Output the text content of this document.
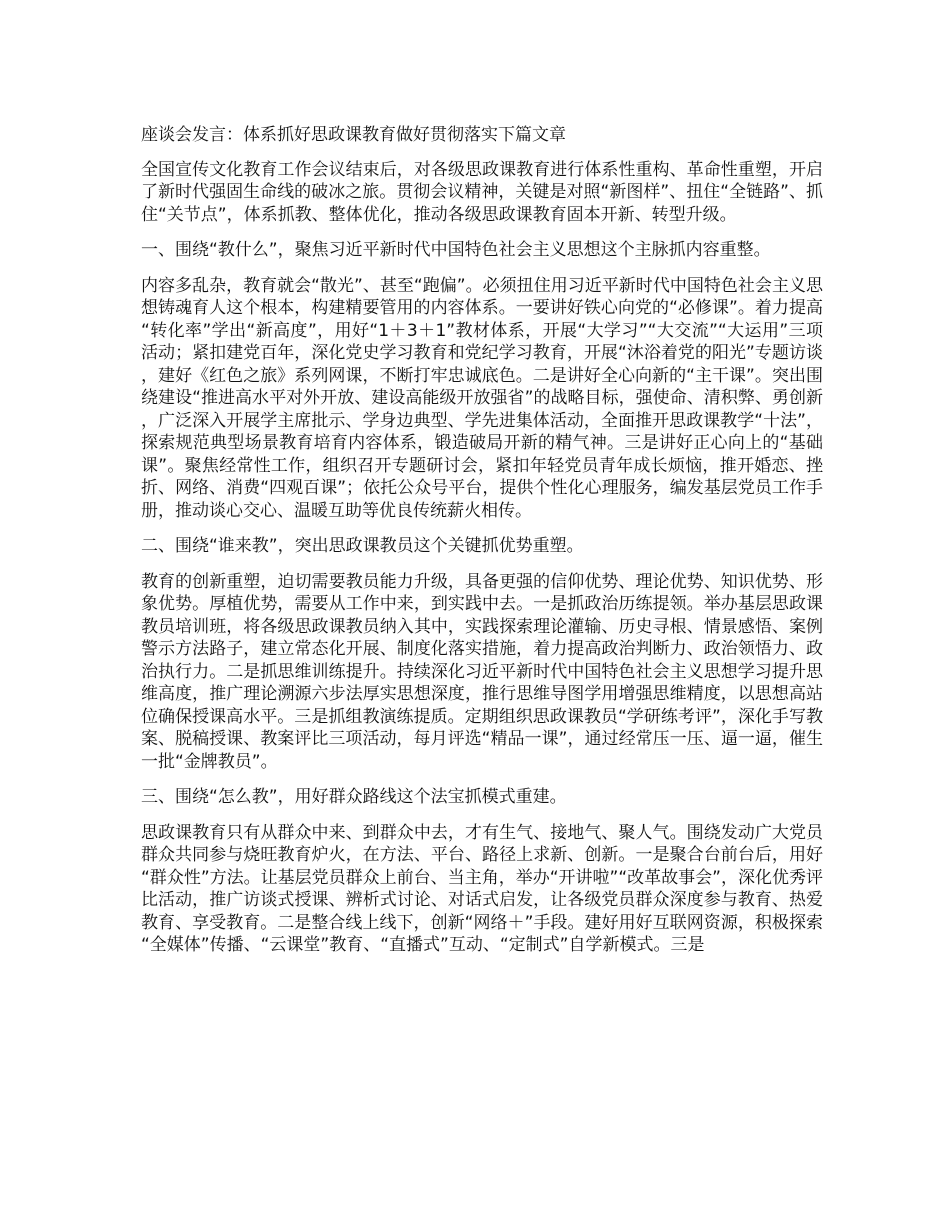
座谈会发言：体系抓好思政课教育做好贯彻落实下篇文章

全国宣传文化教育工作会议结束后，对各级思政课教育进行体系性重构、革命性重塑，开启了新时代强固生命线的破冰之旅。贯彻会议精神，关键是对照“新图样”、扭住“全链路”、抓住“关节点”，体系抓教、整体优化，推动各级思政课教育固本开新、转型升级。

一、围绕“教什么”，聚焦习近平新时代中国特色社会主义思想这个主脉抓内容重整。

内容多乱杂，教育就会“散光”、甚至“跑偏”。必须扭住用习近平新时代中国特色社会主义思想铸魂育人这个根本，构建精要管用的内容体系。一要讲好铁心向党的“必修课”。着力提高“转化率”学出“新高度”，用好“1＋3＋1”教材体系，开展“大学习”“大交流”“大运用”三项活动；紧扣建党百年，深化党史学习教育和党纪学习教育，开展“沐浴着党的阳光”专题访谈，建好《红色之旅》系列网课，不断打牢忠诚底色。二是讲好全心向新的“主干课”。突出围绕建设“推进高水平对外开放、建设高能级开放强省”的战略目标，强使命、清积弊、勇创新，广泛深入开展学主席批示、学身边典型、学先进集体活动，全面推开思政课教学“十法”，探索规范典型场景教育培育内容体系，锻造破局开新的精气神。三是讲好正心向上的“基础课”。聚焦经常性工作，组织召开专题研讨会，紧扣年轻党员青年成长烦恼，推开婚恋、挫折、网络、消费“四观百课”；依托公众号平台，提供个性化心理服务，编发基层党员工作手册，推动谈心交心、温暖互助等优良传统薪火相传。

二、围绕“谁来教”，突出思政课教员这个关键抓优势重塑。

教育的创新重塑，迫切需要教员能力升级，具备更强的信仰优势、理论优势、知识优势、形象优势。厚植优势，需要从工作中来，到实践中去。一是抓政治历练提领。举办基层思政课教员培训班，将各级思政课教员纳入其中，实践探索理论灌输、历史寻根、情景感悟、案例警示方法路子，建立常态化开展、制度化落实措施，着力提高政治判断力、政治领悟力、政治执行力。二是抓思维训练提升。持续深化习近平新时代中国特色社会主义思想学习提升思维高度，推广理论溯源六步法厚实思想深度，推行思维导图学用增强思维精度，以思想高站位确保授课高水平。三是抓组教演练提质。定期组织思政课教员“学研练考评”，深化手写教案、脱稿授课、教案评比三项活动，每月评选“精品一课”，通过经常压一压、逼一逼，催生一批“金牌教员”。

三、围绕“怎么教”，用好群众路线这个法宝抓模式重建。

思政课教育只有从群众中来、到群众中去，才有生气、接地气、聚人气。围绕发动广大党员群众共同参与烧旺教育炉火，在方法、平台、路径上求新、创新。一是聚合台前台后，用好“群众性”方法。让基层党员群众上前台、当主角，举办“开讲啦”“改革故事会”，深化优秀评比活动，推广访谈式授课、辨析式讨论、对话式启发，让各级党员群众深度参与教育、热爱教育、享受教育。二是整合线上线下，创新“网络＋”手段。建好用好互联网资源，积极探索“全媒体”传播、“云课堂”教育、“直播式”互动、“定制式”自学新模式。三是
